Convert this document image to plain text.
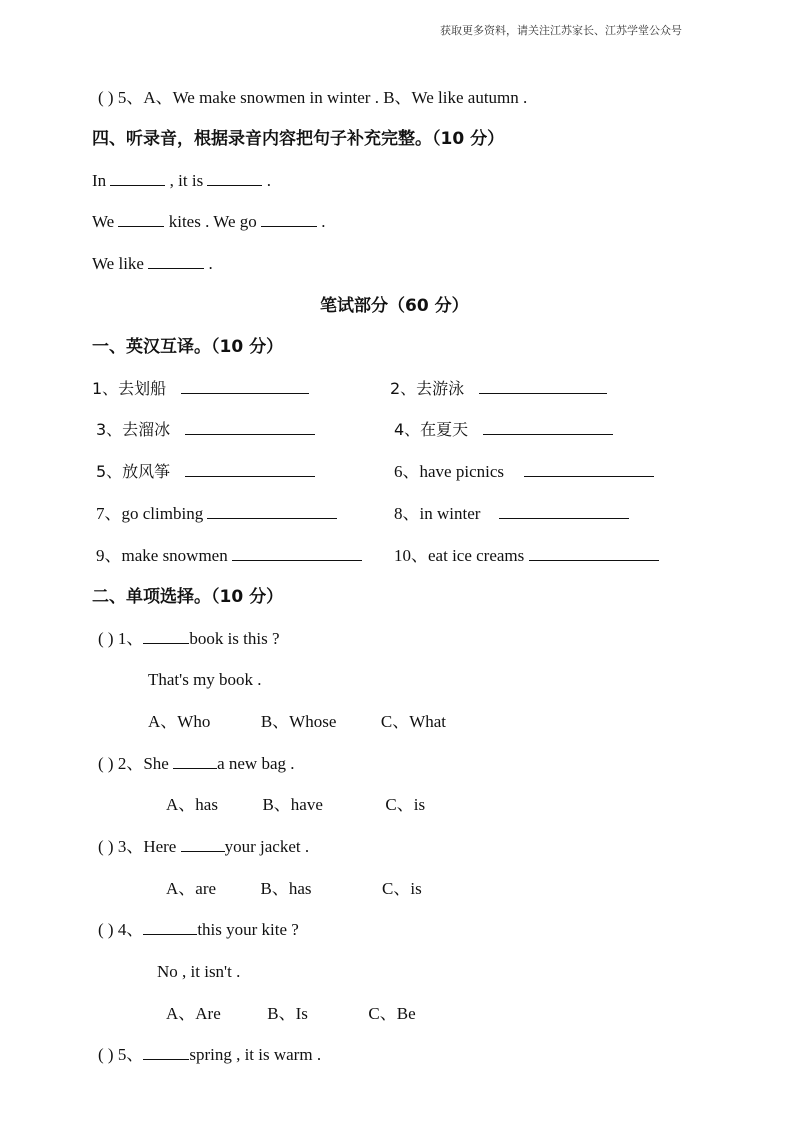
获取更多资料，请关注江苏家长、江苏学堂公众号
( ) 5、A、We make snowmen in winter . B、We like autumn .
四、听录音，根据录音内容把句子补充完整。（10 分）
In	, it is	.
We	kites . We go	.
We like	.
笔试部分（60 分）
一、英汉互译。（10 分）
1、去划船	2、去游泳
3、去溜冰	4、在夏天
5、放风筝	6、have picnics
7、go climbing	8、in winter
9、make snowmen	10、eat ice creams
二、单项选择。（10 分）
( ) 1、	book is this ?
That's my book .
A、Who	B、Whose	C、What
( ) 2、She	a new bag .
A、has	B、have	C、is
( ) 3、Here	your jacket .
A、are	B、has	C、is
( ) 4、	this your kite ?
No , it isn't .
A、Are	B、Is	C、Be
( ) 5、	spring , it is warm .
